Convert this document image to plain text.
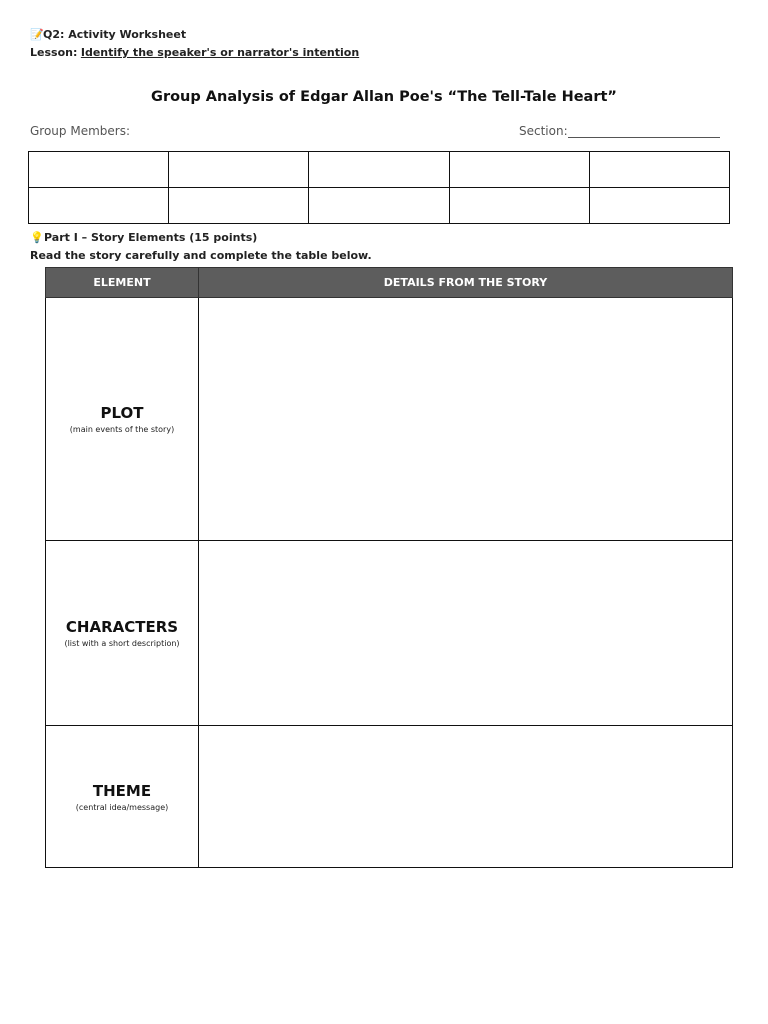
📝Q2: Activity Worksheet
Lesson: Identify the speaker's or narrator's intention
Group Analysis of Edgar Allan Poe's “The Tell-Tale Heart”
Group Members:	Section:

💡Part I – Story Elements (15 points)
Read the story carefully and complete the table below.
ELEMENT	DETAILS FROM THE STORY

PLOT
(main events of the story)	

CHARACTERS
(list with a short description)	

THEME
(central idea/message)	
